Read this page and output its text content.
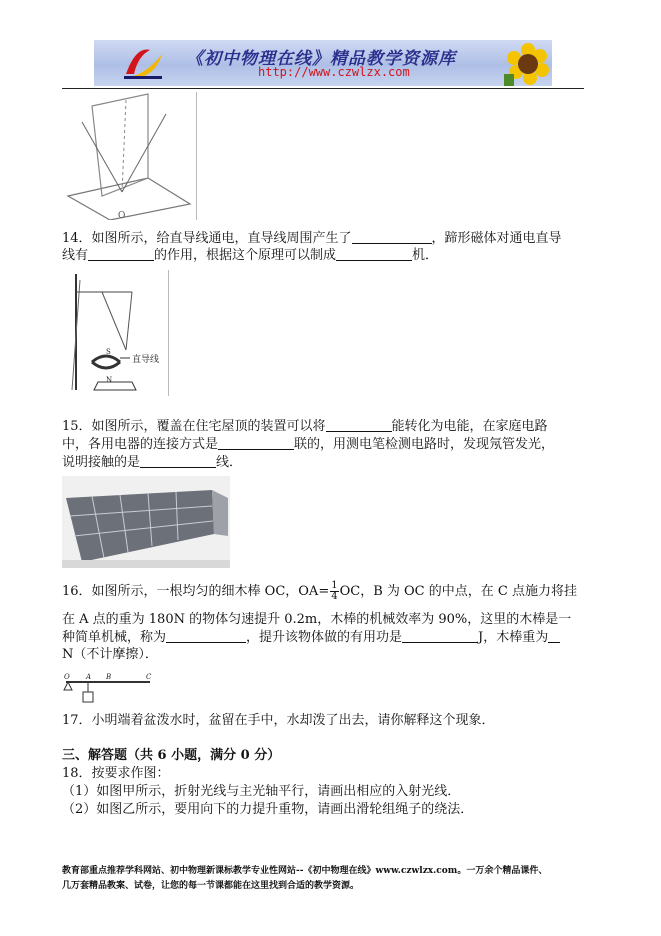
《初中物理在线》精品教学资源库
http://www.czwlzx.com
O
14．如图所示，给直导线通电，直导线周围产生了	，蹄形磁体对通电直导
线有	的作用，根据这个原理可以制成	机．
直导线
S
N
15．如图所示，覆盖在住宅屋顶的装置可以将	能转化为电能，在家庭电路
中，各用电器的连接方式是	联的，用测电笔检测电路时，发现氖管发光，
说明接触的是	线．
16．如图所示，一根均匀的细木棒 OC，$OA= \frac{1}{4}$ OC，B 为 OC 的中点，在 C 点施力将挂
在 A 点的重为 180N 的物体匀速提升 0.2m，木棒的机械效率为 90%，这里的木棒是一
种简单机械，称为	，提升该物体做的有用功是	J，木棒重为
N（不计摩擦）．
O A B	C
17．小明端着盆泼水时，盆留在手中，水却泼了出去，请你解释这个现象．
三、解答题（共 6 小题，满分 0 分）
18．按要求作图：
（1）如图甲所示，折射光线与主光轴平行，请画出相应的入射光线．
（2）如图乙所示，要用向下的力提升重物，请画出滑轮组绳子的绕法．
教育部重点推荐学科网站、初中物理新课标教学专业性网站--《初中物理在线》www.czwlzx.com。一万余个精品课件、
几万套精品教案、试卷，让您的每一节课都能在这里找到合适的教学资源。
